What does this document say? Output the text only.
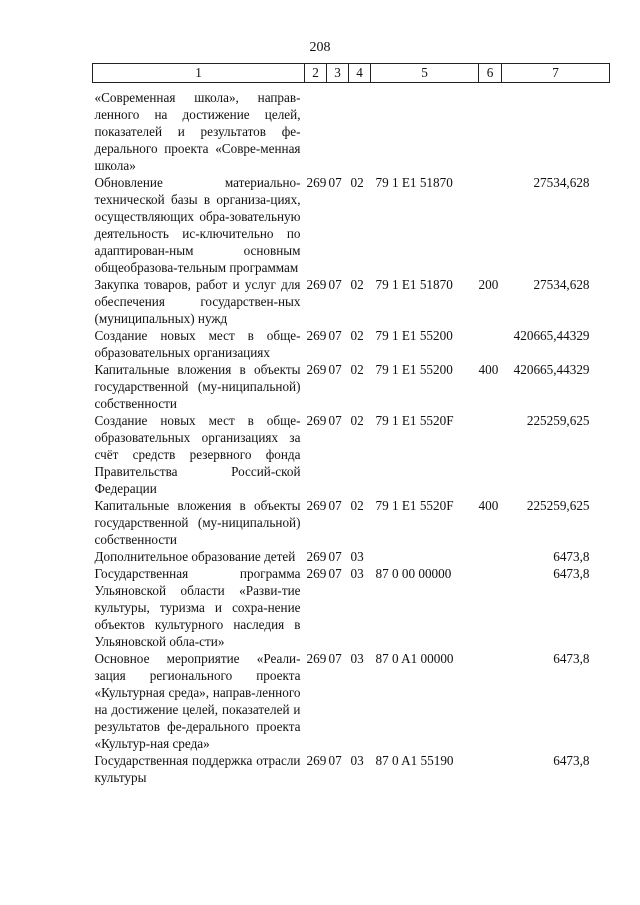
208
1	2	3	4	5	6	7
«Современная школа», направ-ленного на достижение целей, показателей и результатов фе-дерального проекта «Совре-менная школа»						
Обновление материально-технической базы в организа-циях, осуществляющих обра-зовательную деятельность ис-ключительно по адаптирован-ным основным общеобразова-тельным программам	269	07	02	79 1 E1 51870		27534,628
Закупка товаров, работ и услуг для обеспечения государствен-ных (муниципальных) нужд	269	07	02	79 1 E1 51870	200	27534,628
Создание новых мест в обще-образовательных организациях	269	07	02	79 1 E1 55200		420665,44329
Капитальные вложения в объекты государственной (му-ниципальной) собственности	269	07	02	79 1 E1 55200	400	420665,44329
Создание новых мест в обще-образовательных организациях за счёт средств резервного фонда Правительства Россий-ской Федерации	269	07	02	79 1 E1 5520F		225259,625
Капитальные вложения в объекты государственной (му-ниципальной) собственности	269	07	02	79 1 E1 5520F	400	225259,625
Дополнительное образование детей	269	07	03			6473,8
Государственная программа Ульяновской области «Разви-тие культуры, туризма и сохра-нение объектов культурного наследия в Ульяновской обла-сти»	269	07	03	87 0 00 00000		6473,8
Основное мероприятие «Реали-зация регионального проекта «Культурная среда», направ-ленного на достижение целей, показателей и результатов фе-дерального проекта «Культур-ная среда»	269	07	03	87 0 A1 00000		6473,8
Государственная поддержка отрасли культуры	269	07	03	87 0 A1 55190		6473,8
